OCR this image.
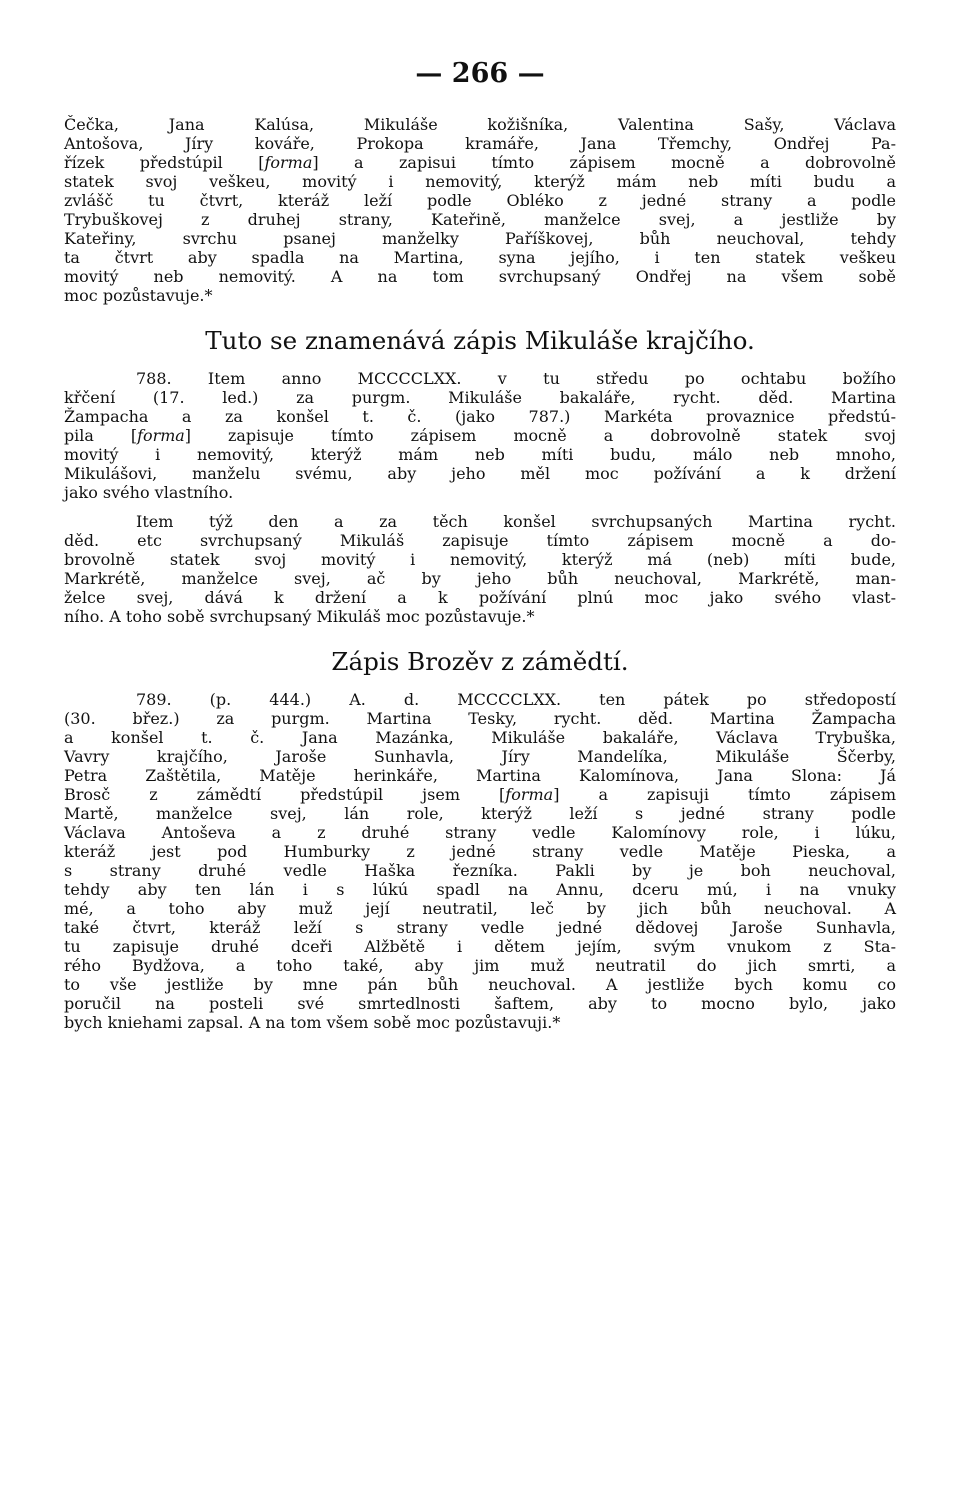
— 266 —
Čečka, Jana Kalúsa, Mikuláše kožišníka, Valentina Sašy, Václava
Antošova, Jíry kováře, Prokopa kramáře, Jana Třemchy, Ondřej Pa-
řízek předstúpil [forma] a zapisui tímto zápisem mocně a dobrovolně
statek svoj veškeu, movitý i nemovitý, kterýž mám neb míti budu a
zvlášč tu čtvrt, kteráž leží podle Obléko z jedné strany a podle
Trybuškovej z druhej strany, Kateřině, manželce svej, a jestliže by
Kateřiny, svrchu psanej manželky Paříškovej, bůh neuchoval, tehdy
ta čtvrt aby spadla na Martina, syna jejího, i ten statek veškeu
movitý neb nemovitý. A na tom svrchupsaný Ondřej na všem sobě
moc pozůstavuje.*
Tuto se znamenává zápis Mikuláše krajčího.
788. Item anno MCCCCLXX. v tu středu po ochtabu božího
křčení (17. led.) za purgm. Mikuláše bakaláře, rycht. děd. Martina
Žampacha a za konšel t. č. (jako 787.) Markéta provaznice předstú-
pila [forma] zapisuje tímto zápisem mocně a dobrovolně statek svoj
movitý i nemovitý, kterýž mám neb míti budu, málo neb mnoho,
Mikulášovi, manželu svému, aby jeho měl moc požívání a k držení
jako svého vlastního.
Item týž den a za těch konšel svrchupsaných Martina rycht.
děd. etc svrchupsaný Mikuláš zapisuje tímto zápisem mocně a do-
brovolně statek svoj movitý i nemovitý, kterýž má (neb) míti bude,
Markrétě, manželce svej, ač by jeho bůh neuchoval, Markrétě, man-
želce svej, dává k držení a k požívání plnú moc jako svého vlast-
ního. A toho sobě svrchupsaný Mikuláš moc pozůstavuje.*
Zápis Brozěv z zámědtí.
789. (p. 444.) A. d. MCCCCLXX. ten pátek po středopostí
(30. břez.) za purgm. Martina Tesky, rycht. děd. Martina Žampacha
a konšel t. č. Jana Mazánka, Mikuláše bakaláře, Václava Trybuška,
Vavry krajčího, Jaroše Sunhavla, Jíry Mandelíka, Mikuláše Ščerby,
Petra Zaštětila, Matěje herinkáře, Martina Kalomínova, Jana Slona: Já
Brosč z zámědtí předstúpil jsem [forma] a zapisuji tímto zápisem
Martě, manželce svej, lán role, kterýž leží s jedné strany podle
Václava Antoševa a z druhé strany vedle Kalomínovy role, i lúku,
kteráž jest pod Humburky z jedné strany vedle Matěje Pieska, a
s strany druhé vedle Haška řezníka. Pakli by je boh neuchoval,
tehdy aby ten lán i s lúkú spadl na Annu, dceru mú, i na vnuky
mé, a toho aby muž její neutratil, leč by jich bůh neuchoval. A
také čtvrt, kteráž leží s strany vedle jedné dědovej Jaroše Sunhavla,
tu zapisuje druhé dceři Alžbětě i dětem jejím, svým vnukom z Sta-
rého Bydžova, a toho také, aby jim muž neutratil do jich smrti, a
to vše jestliže by mne pán bůh neuchoval. A jestliže bych komu co
poručil na posteli své smrtedlnosti šaftem, aby to mocno bylo, jako
bych kniehami zapsal. A na tom všem sobě moc pozůstavuji.*
